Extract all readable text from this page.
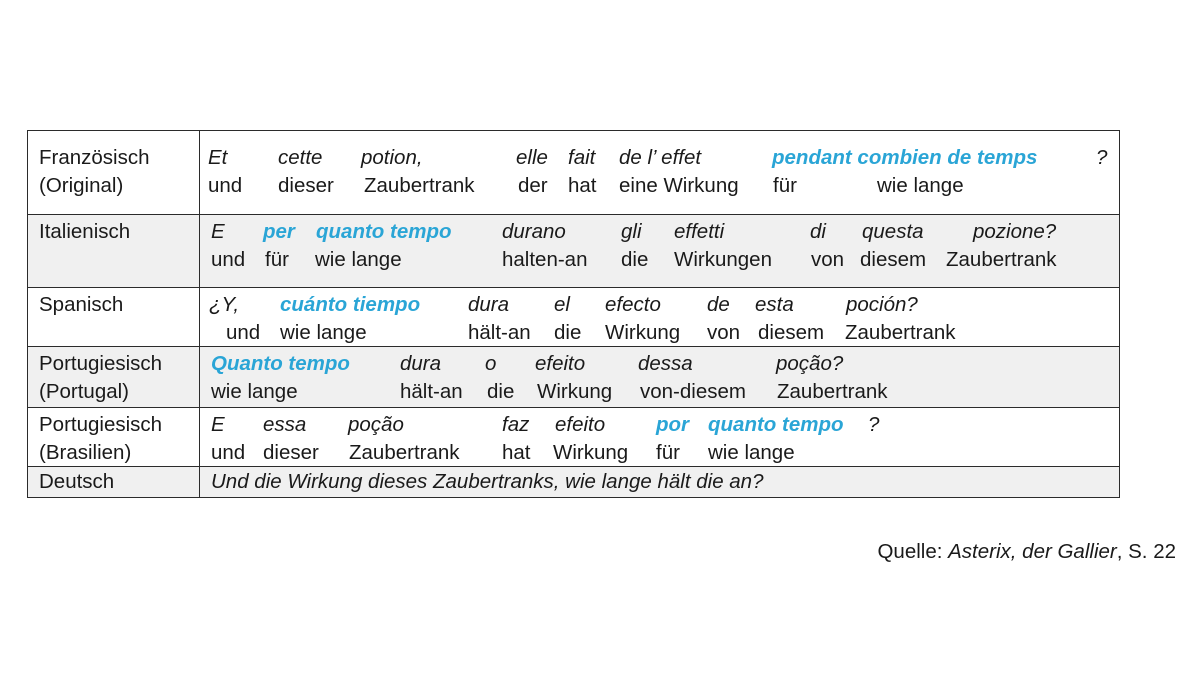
Französisch
(Original)
Et cette potion,	elle fait de l’ effet	pendant combien de temps	?
und dieser Zaubertrank der hat eine Wirkung für	wie lange
Italienisch	E per quanto tempo durano	gli effetti	di questa pozione?
und für wie lange	halten-an die Wirkungen von diesem Zaubertrank
Spanisch	¿Y, cuánto tiempo dura el efecto de esta	poción?
und wie lange	hält-an die Wirkung von diesem Zaubertrank
Portugiesisch
(Portugal)
Quanto tempo dura o efeito	dessa	poção?
wie lange	hält-an die Wirkung von-diesem Zaubertrank
Portugiesisch
(Brasilien)
E essa poção	faz efeito por quanto tempo ?
und dieser Zaubertrank hat Wirkung für wie lange
Deutsch	Und die Wirkung dieses Zaubertranks, wie lange hält die an?
Quelle: Asterix, der Gallier, S. 22
